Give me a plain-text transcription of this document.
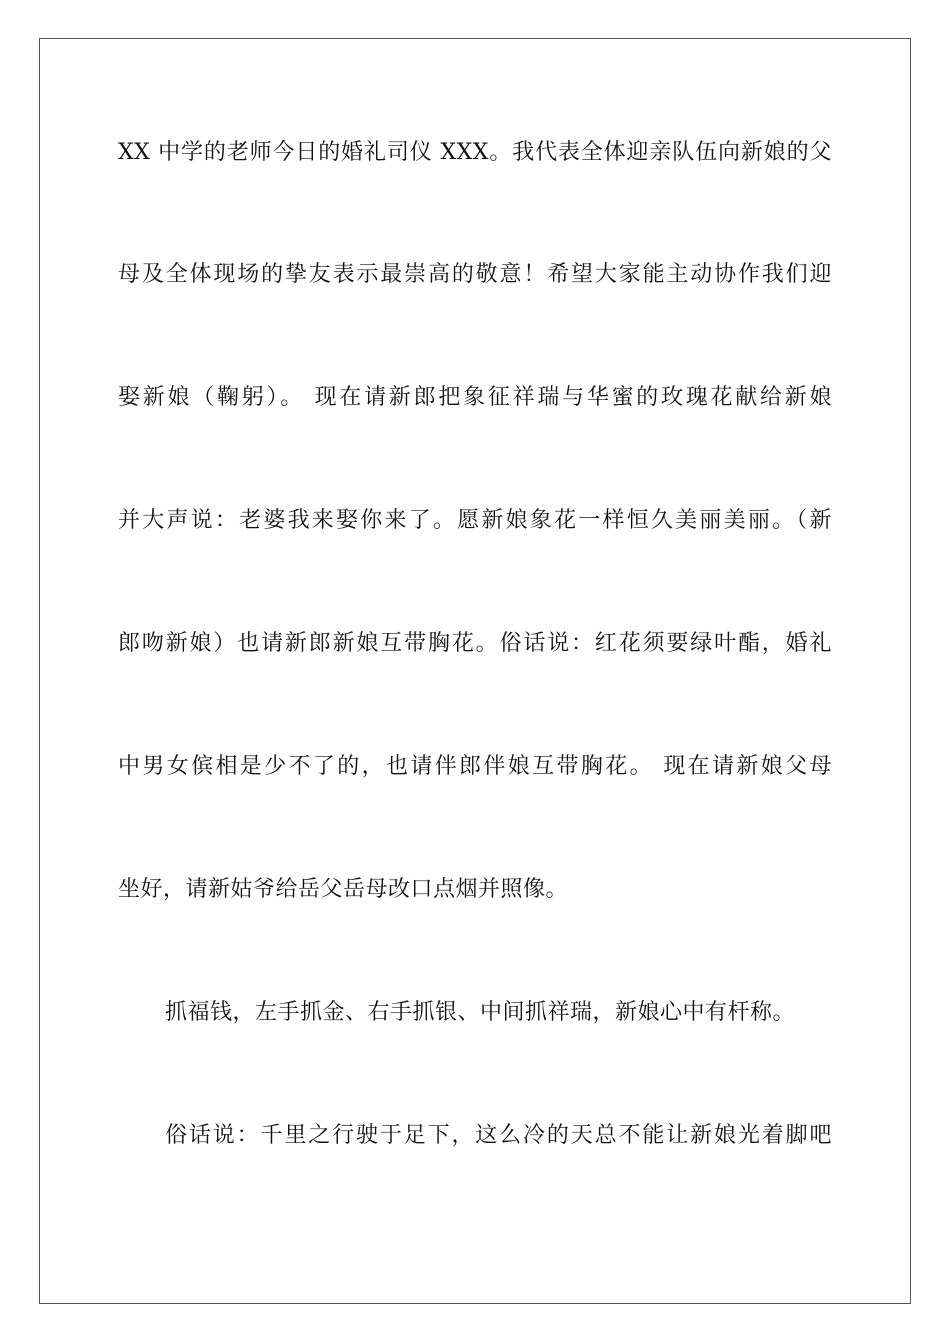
XX 中学的老师今日的婚礼司仪 XXX。我代表全体迎亲队伍向新娘的父
母及全体现场的挚友表示最崇高的敬意！希望大家能主动协作我们迎
娶新娘（鞠躬）。 现在请新郎把象征祥瑞与华蜜的玫瑰花献给新娘
并大声说：老婆我来娶你来了。愿新娘象花一样恒久美丽美丽。（新
郎吻新娘）也请新郎新娘互带胸花。俗话说：红花须要绿叶酯，婚礼
中男女傧相是少不了的，也请伴郎伴娘互带胸花。 现在请新娘父母
坐好，请新姑爷给岳父岳母改口点烟并照像。
抓福钱，左手抓金、右手抓银、中间抓祥瑞，新娘心中有杆称。
俗话说：千里之行驶于足下，这么冷的天总不能让新娘光着脚吧
